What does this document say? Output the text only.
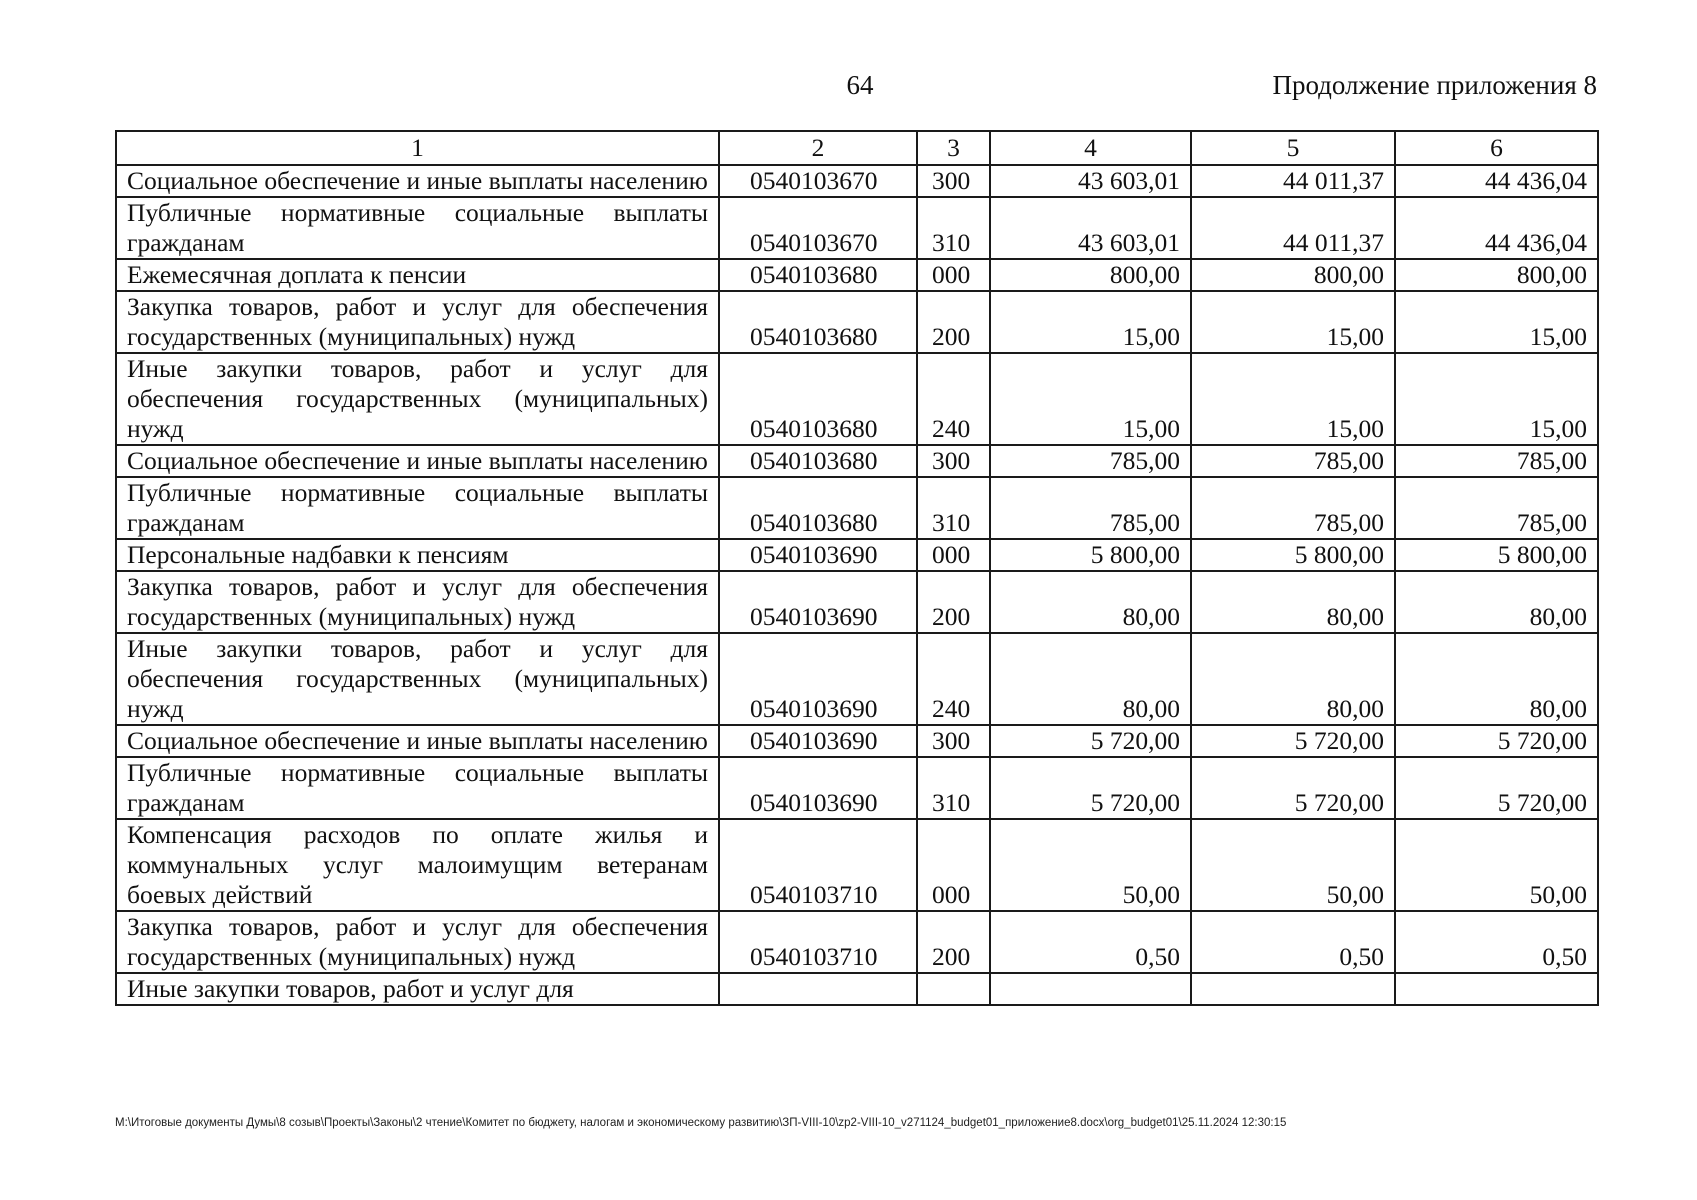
64	Продолжение приложения 8
1	2	3	4	5	6
Социальное обеспечение и иные выплаты населению	0540103670	300	43 603,01	44 011,37	44 436,04
Публичные нормативные социальные выплаты гражданам	0540103670	310	43 603,01	44 011,37	44 436,04
Ежемесячная доплата к пенсии	0540103680	000	800,00	800,00	800,00
Закупка товаров, работ и услуг для обеспечения государственных (муниципальных) нужд	0540103680	200	15,00	15,00	15,00
Иные закупки товаров, работ и услуг для обеспечения государственных (муниципальных) нужд	0540103680	240	15,00	15,00	15,00
Социальное обеспечение и иные выплаты населению	0540103680	300	785,00	785,00	785,00
Публичные нормативные социальные выплаты гражданам	0540103680	310	785,00	785,00	785,00
Персональные надбавки к пенсиям	0540103690	000	5 800,00	5 800,00	5 800,00
Закупка товаров, работ и услуг для обеспечения государственных (муниципальных) нужд	0540103690	200	80,00	80,00	80,00
Иные закупки товаров, работ и услуг для обеспечения государственных (муниципальных) нужд	0540103690	240	80,00	80,00	80,00
Социальное обеспечение и иные выплаты населению	0540103690	300	5 720,00	5 720,00	5 720,00
Публичные нормативные социальные выплаты гражданам	0540103690	310	5 720,00	5 720,00	5 720,00
Компенсация расходов по оплате жилья и коммунальных услуг малоимущим ветеранам боевых действий	0540103710	000	50,00	50,00	50,00
Закупка товаров, работ и услуг для обеспечения государственных (муниципальных) нужд	0540103710	200	0,50	0,50	0,50
Иные закупки товаров, работ и услуг для					
M:\Итоговые документы Думы\8 созыв\Проекты\Законы\2 чтение\Комитет по бюджету, налогам и экономическому развитию\ЗП-VIII-10\zp2-VIII-10_v271124_budget01_приложение8.docx\org_budget01\25.11.2024 12:30:15
